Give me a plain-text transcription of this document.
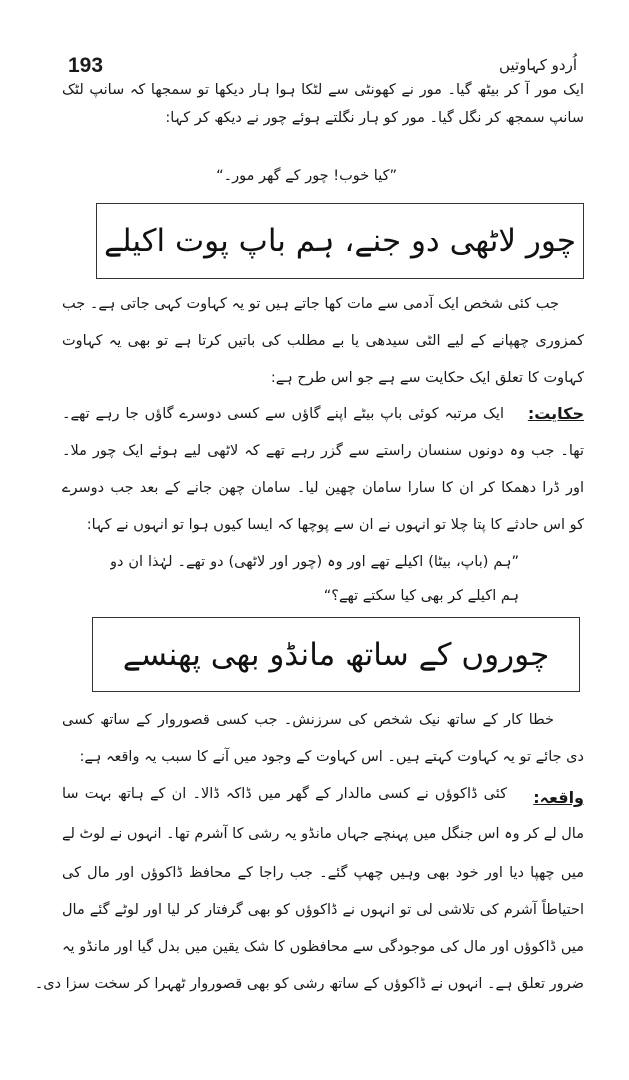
193	اُردو کہاوتیں
ایک مور آ کر بیٹھ گیا۔ مور نے کھونٹی سے لٹکا ہوا ہار دیکھا تو سمجھا کہ سانپ لٹک
سانپ سمجھ کر نگل گیا۔ مور کو ہار نگلتے ہوئے چور نے دیکھ کر کہا:
”کیا خوب! چور کے گھر مور۔“
چور لاٹھی دو جنے، ہم باپ پوت اکیلے
جب کئی شخص ایک آدمی سے مات کھا جاتے ہیں تو یہ کہاوت کہی جاتی ہے۔ جب
کمزوری چھپانے کے لیے الٹی سیدھی یا بے مطلب کی باتیں کرتا ہے تو بھی یہ کہاوت
کہاوت کا تعلق ایک حکایت سے ہے جو اس طرح ہے:
حکایت:
ایک مرتبہ کوئی باپ بیٹے اپنے گاؤں سے کسی دوسرے گاؤں جا رہے تھے۔
تھا۔ جب وہ دونوں سنسان راستے سے گزر رہے تھے کہ لاٹھی لیے ہوئے ایک چور ملا۔
اور ڈرا دھمکا کر ان کا سارا سامان چھین لیا۔ سامان چھن جانے کے بعد جب دوسرے
کو اس حادثے کا پتا چلا تو انہوں نے ان سے پوچھا کہ ایسا کیوں ہوا تو انہوں نے کہا:
”ہم (باپ، بیٹا) اکیلے تھے اور وہ (چور اور لاٹھی) دو تھے۔ لہٰذا ان دو
ہم اکیلے کر بھی کیا سکتے تھے؟“
چوروں کے ساتھ مانڈو بھی پھنسے
خطا کار کے ساتھ نیک شخص کی سرزنش۔ جب کسی قصوروار کے ساتھ کسی
دی جائے تو یہ کہاوت کہتے ہیں۔ اس کہاوت کے وجود میں آنے کا سبب یہ واقعہ ہے:
واقعہ:
کئی ڈاکوؤں نے کسی مالدار کے گھر میں ڈاکہ ڈالا۔ ان کے ہاتھ بہت سا
مال لے کر وہ اس جنگل میں پہنچے جہاں مانڈو یہ رشی کا آشرم تھا۔ انہوں نے لوٹ لے
میں چھپا دیا اور خود بھی وہیں چھپ گئے۔ جب راجا کے محافظ ڈاکوؤں اور مال کی
احتیاطاً آشرم کی تلاشی لی تو انہوں نے ڈاکوؤں کو بھی گرفتار کر لیا اور لوٹے گئے مال
میں ڈاکوؤں اور مال کی موجودگی سے محافظوں کا شک یقین میں بدل گیا اور مانڈو یہ
ضرور تعلق ہے۔ انہوں نے ڈاکوؤں کے ساتھ رشی کو بھی قصوروار ٹھہرا کر سخت سزا دی۔
